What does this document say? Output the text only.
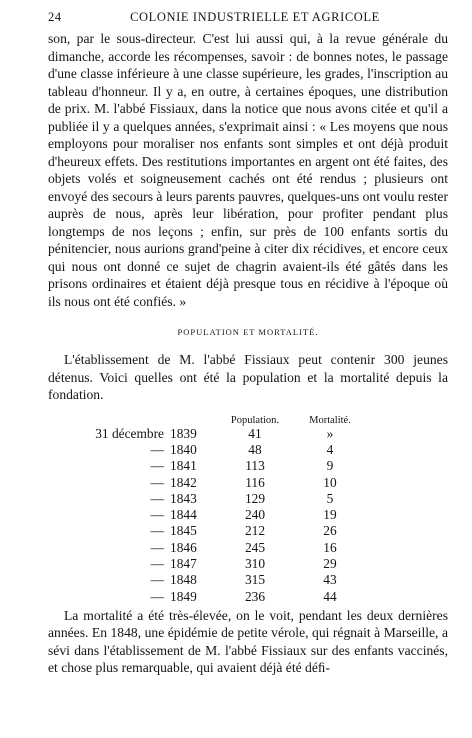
24	COLONIE INDUSTRIELLE ET AGRICOLE

son, par le sous-directeur. C'est lui aussi qui, à la revue générale du dimanche, accorde les récompenses, savoir : de bonnes notes, le passage d'une classe inférieure à une classe supérieure, les grades, l'inscription au tableau d'honneur. Il y a, en outre, à certaines époques, une distribution de prix. M. l'abbé Fissiaux, dans la notice que nous avons citée et qu'il a publiée il y a quelques années, s'exprimait ainsi : « Les moyens que nous employons pour moraliser nos enfants sont simples et ont déjà produit d'heureux effets. Des restitutions importantes en argent ont été faites, des objets volés et soigneusement cachés ont été rendus ; plusieurs ont envoyé des secours à leurs parents pauvres, quelques-uns ont voulu rester auprès de nous, après leur libération, pour profiter pendant plus longtemps de nos leçons ; enfin, sur près de 100 enfants sortis du pénitencier, nous aurions grand'peine à citer dix récidives, et encore ceux qui nous ont donné ce sujet de chagrin avaient-ils été gâtés dans les prisons ordinaires et étaient déjà presque tous en récidive à l'époque où ils nous ont été confiés. »

POPULATION ET MORTALITÉ.

L'établissement de M. l'abbé Fissiaux peut contenir 300 jeunes détenus. Voici quelles ont été la population et la mortalité depuis la fondation.

Population.	Mortalité.
31 décembre 1839	41	»
— 1840	48	4
— 1841	113	9
— 1842	116	10
— 1843	129	5
— 1844	240	19
— 1845	212	26
— 1846	245	16
— 1847	310	29
— 1848	315	43
— 1849	236	44

La mortalité a été très-élevée, on le voit, pendant les deux dernières années. En 1848, une épidémie de petite vérole, qui régnait à Marseille, a sévi dans l'établissement de M. l'abbé Fissiaux sur des enfants vaccinés, et chose plus remarquable, qui avaient déjà été déﬁ-
